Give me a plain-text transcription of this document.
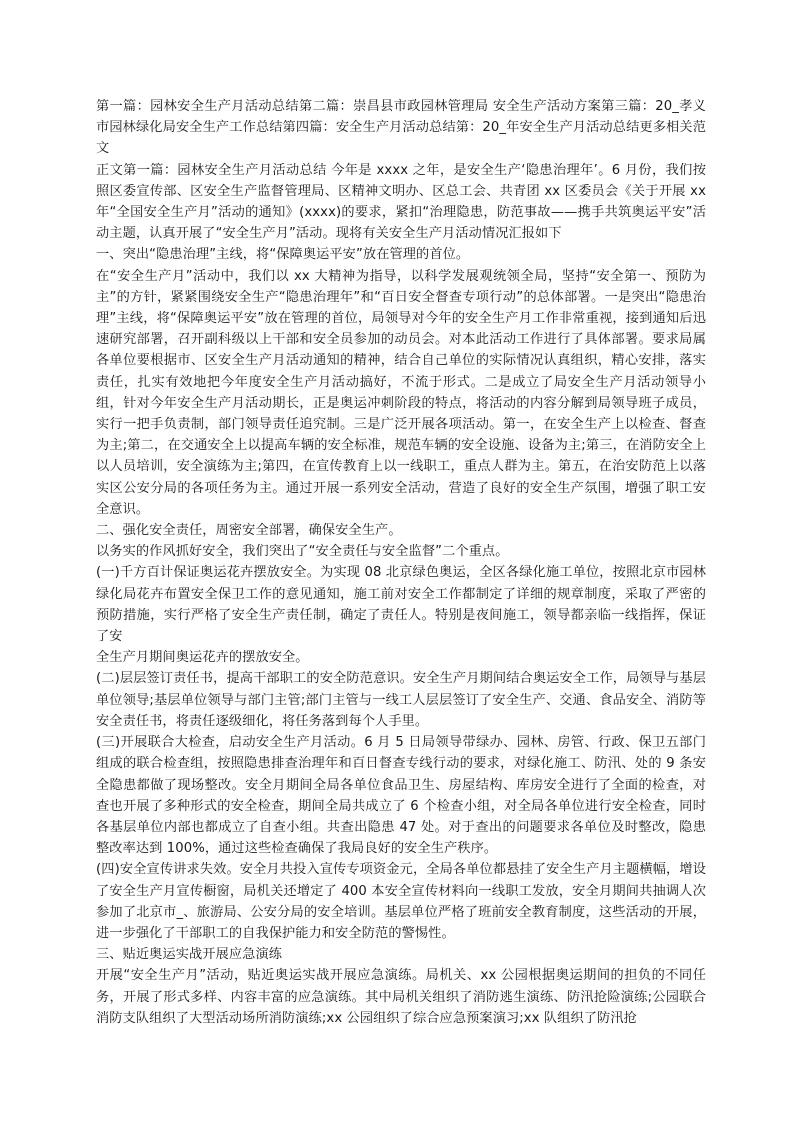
第一篇：园林安全生产月活动总结第二篇：崇昌县市政园林管理局 安全生产活动方案第三篇：20_孝义市园林绿化局安全生产工作总结第四篇：安全生产月活动总结第：20_年安全生产月活动总结更多相关范文

正文第一篇：园林安全生产月活动总结 今年是 xxxx 之年，是安全生产‘隐患治理年’。6 月份，我们按照区委宣传部、区安全生产监督管理局、区精神文明办、区总工会、共青团 xx 区委员会《关于开展 xx 年“全国安全生产月”活动的通知》(xxxx)的要求，紧扣“治理隐患，防范事故——携手共筑奥运平安”活动主题，认真开展了“安全生产月”活动。现将有关安全生产月活动情况汇报如下

一、突出“隐患治理”主线，将“保障奥运平安”放在管理的首位。

在“安全生产月”活动中，我们以 xx 大精神为指导，以科学发展观统领全局，坚持“安全第一、预防为主”的方针，紧紧围绕安全生产“隐患治理年”和“百日安全督查专项行动”的总体部署。一是突出“隐患治理”主线，将“保障奥运平安”放在管理的首位，局领导对今年的安全生产月工作非常重视，接到通知后迅速研究部署，召开副科级以上干部和安全员参加的动员会。对本此活动工作进行了具体部署。要求局属各单位要根据市、区安全生产月活动通知的精神，结合自己单位的实际情况认真组织，精心安排，落实责任，扎实有效地把今年度安全生产月活动搞好，不流于形式。二是成立了局安全生产月活动领导小组，针对今年安全生产月活动期长，正是奥运冲刺阶段的特点，将活动的内容分解到局领导班子成员，实行一把手负责制，部门领导责任追究制。三是广泛开展各项活动。第一，在安全生产上以检查、督查为主;第二，在交通安全上以提高车辆的安全标准，规范车辆的安全设施、设备为主;第三，在消防安全上以人员培训，安全演练为主;第四，在宣传教育上以一线职工，重点人群为主。第五，在治安防范上以落实区公安分局的各项任务为主。通过开展一系列安全活动，营造了良好的安全生产氛围，增强了职工安全意识。

二、强化安全责任，周密安全部署，确保安全生产。

以务实的作风抓好安全，我们突出了“安全责任与安全监督”二个重点。

(一)千方百计保证奥运花卉摆放安全。为实现 08 北京绿色奥运，全区各绿化施工单位，按照北京市园林绿化局花卉布置安全保卫工作的意见通知，施工前对安全工作都制定了详细的规章制度，采取了严密的预防措施，实行严格了安全生产责任制，确定了责任人。特别是夜间施工，领导都亲临一线指挥，保证了安

全生产月期间奥运花卉的摆放安全。

(二)层层签订责任书，提高干部职工的安全防范意识。安全生产月期间结合奥运安全工作，局领导与基层单位领导;基层单位领导与部门主管;部门主管与一线工人层层签订了安全生产、交通、食品安全、消防等安全责任书，将责任逐级细化，将任务落到每个人手里。

(三)开展联合大检查，启动安全生产月活动。6 月 5 日局领导带绿办、园林、房管、行政、保卫五部门组成的联合检查组，按照隐患排查治理年和百日督查专线行动的要求，对绿化施工、防汛、处的 9 条安全隐患都做了现场整改。安全月期间全局各单位食品卫生、房屋结构、库房安全进行了全面的检查，对查也开展了多种形式的安全检查，期间全局共成立了 6 个检查小组，对全局各单位进行安全检查，同时各基层单位内部也都成立了自查小组。共查出隐患 47 处。对于查出的问题要求各单位及时整改，隐患整改率达到 100%，通过这些检查确保了我局良好的安全生产秩序。

(四)安全宣传讲求失效。安全月共投入宣传专项资金元，全局各单位都悬挂了安全生产月主题横幅，增设了安全生产月宣传橱窗，局机关还增定了 400 本安全宣传材料向一线职工发放，安全月期间共抽调人次参加了北京市_、旅游局、公安分局的安全培训。基层单位严格了班前安全教育制度，这些活动的开展，进一步强化了干部职工的自我保护能力和安全防范的警惕性。

三、贴近奥运实战开展应急演练

开展“安全生产月”活动，贴近奥运实战开展应急演练。局机关、xx 公园根据奥运期间的担负的不同任务，开展了形式多样、内容丰富的应急演练。其中局机关组织了消防逃生演练、防汛抢险演练;公园联合消防支队组织了大型活动场所消防演练;xx 公园组织了综合应急预案演习;xx 队组织了防汛抢
